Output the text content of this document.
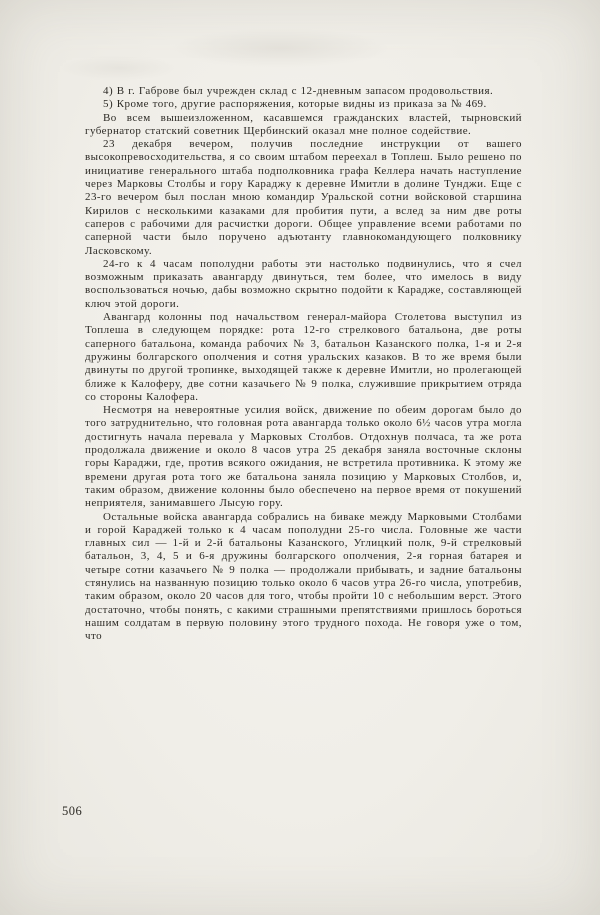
4) В г. Габрове был учрежден склад с 12-дневным запасом продовольствия.

5) Кроме того, другие распоряжения, которые видны из приказа за № 469.

Во всем вышеизложенном, касавшемся гражданских властей, тырновский губернатор статский советник Щербинский оказал мне полное содействие.

23 декабря вечером, получив последние инструкции от вашего высокопревосходительства, я со своим штабом переехал в Топлеш. Было решено по инициативе генерального штаба подполковника графа Келлера начать наступление через Марковы Столбы и гору Караджу к деревне Имитли в долине Тунджи. Еще с 23-го вечером был послан мною командир Уральской сотни войсковой старшина Кирилов с несколькими казаками для пробития пути, а вслед за ним две роты саперов с рабочими для расчистки дороги. Общее управление всеми работами по саперной части было поручено адъютанту главнокомандующего полковнику Ласковскому.

24-го к 4 часам пополудни работы эти настолько подвинулись, что я счел возможным приказать авангарду двинуться, тем более, что имелось в виду воспользоваться ночью, дабы возможно скрытно подойти к Карадже, составляющей ключ этой дороги.

Авангард колонны под начальством генерал-майора Столетова выступил из Топлеша в следующем порядке: рота 12-го стрелкового батальона, две роты саперного батальона, команда рабочих № 3, батальон Казанского полка, 1-я и 2-я дружины болгарского ополчения и сотня уральских казаков. В то же время были двинуты по другой тропинке, выходящей также к деревне Имитли, но пролегающей ближе к Калоферу, две сотни казачьего № 9 полка, служившие прикрытием отряда со стороны Калофера.

Несмотря на невероятные усилия войск, движение по обеим дорогам было до того затруднительно, что головная рота авангарда только около 6½ часов утра могла достигнуть начала перевала у Марковых Столбов. Отдохнув полчаса, та же рота продолжала движение и около 8 часов утра 25 декабря заняла восточные склоны горы Караджи, где, против всякого ожидания, не встретила противника. К этому же времени другая рота того же батальона заняла позицию у Марковых Столбов, и, таким образом, движение колонны было обеспечено на первое время от покушений неприятеля, занимавшего Лысую гору.

Остальные войска авангарда собрались на биваке между Марковыми Столбами и горой Караджей только к 4 часам пополудни 25-го числа. Головные же части главных сил — 1-й и 2-й батальоны Казанского, Углицкий полк, 9-й стрелковый батальон, 3, 4, 5 и 6-я дружины болгарского ополчения, 2-я горная батарея и четыре сотни казачьего № 9 полка — продолжали прибывать, и задние батальоны стянулись на названную позицию только около 6 часов утра 26-го числа, употребив, таким образом, около 20 часов для того, чтобы пройти 10 с небольшим верст. Этого достаточно, чтобы понять, с какими страшными препятствиями пришлось бороться нашим солдатам в первую половину этого трудного похода. Не говоря уже о том, что

506
